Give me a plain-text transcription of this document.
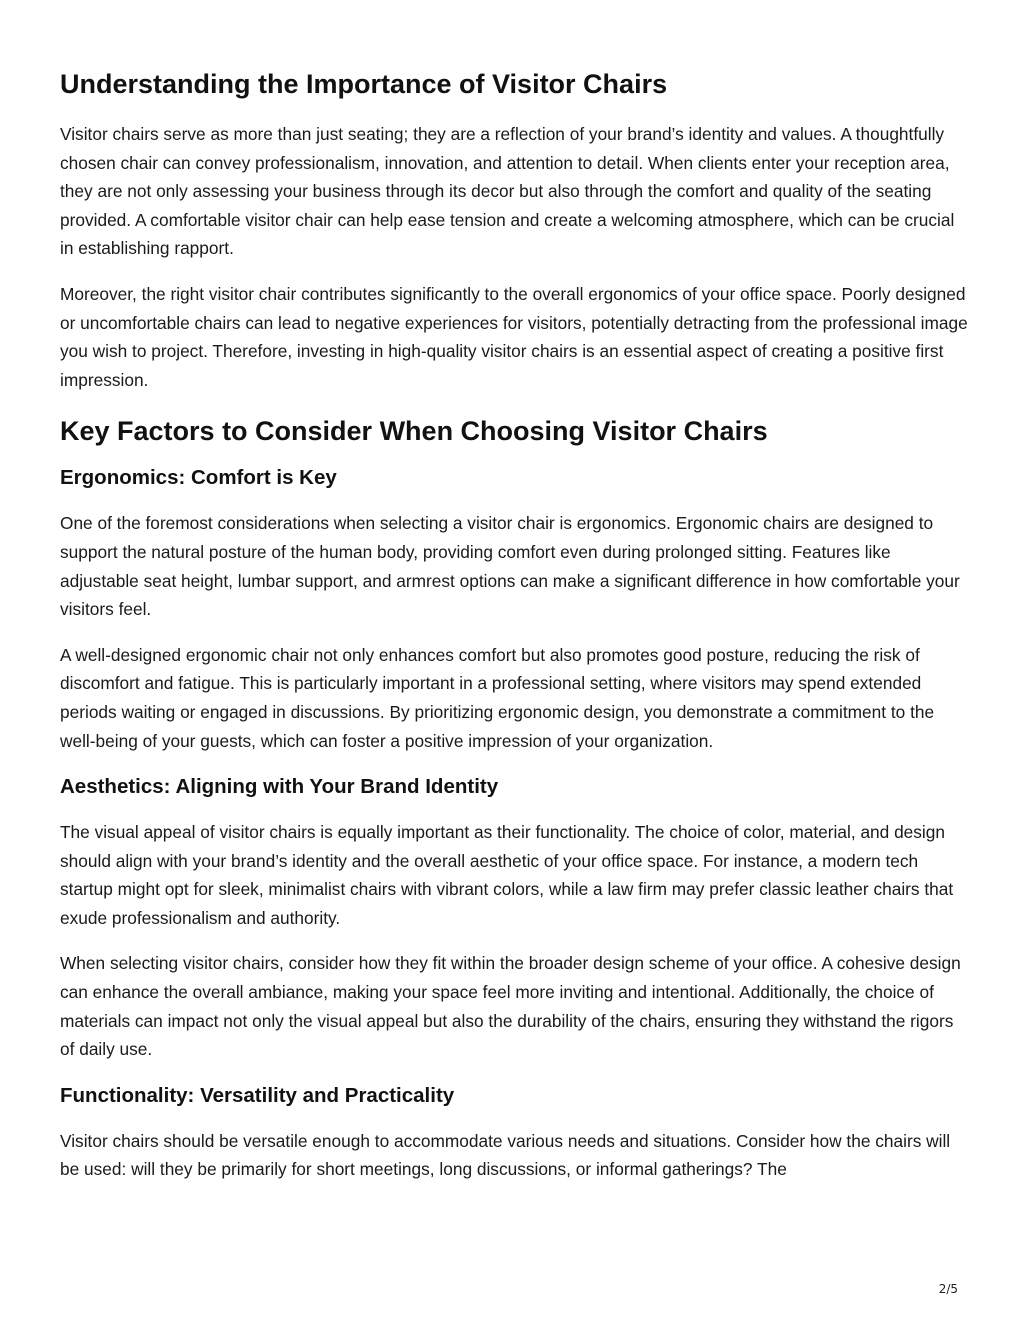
Understanding the Importance of Visitor Chairs

Visitor chairs serve as more than just seating; they are a reflection of your brand’s identity and values. A thoughtfully chosen chair can convey professionalism, innovation, and attention to detail. When clients enter your reception area, they are not only assessing your business through its decor but also through the comfort and quality of the seating provided. A comfortable visitor chair can help ease tension and create a welcoming atmosphere, which can be crucial in establishing rapport.

Moreover, the right visitor chair contributes significantly to the overall ergonomics of your office space. Poorly designed or uncomfortable chairs can lead to negative experiences for visitors, potentially detracting from the professional image you wish to project. Therefore, investing in high-quality visitor chairs is an essential aspect of creating a positive first impression.

Key Factors to Consider When Choosing Visitor Chairs
Ergonomics: Comfort is Key

One of the foremost considerations when selecting a visitor chair is ergonomics. Ergonomic chairs are designed to support the natural posture of the human body, providing comfort even during prolonged sitting. Features like adjustable seat height, lumbar support, and armrest options can make a significant difference in how comfortable your visitors feel.

A well-designed ergonomic chair not only enhances comfort but also promotes good posture, reducing the risk of discomfort and fatigue. This is particularly important in a professional setting, where visitors may spend extended periods waiting or engaged in discussions. By prioritizing ergonomic design, you demonstrate a commitment to the well-being of your guests, which can foster a positive impression of your organization.

Aesthetics: Aligning with Your Brand Identity

The visual appeal of visitor chairs is equally important as their functionality. The choice of color, material, and design should align with your brand’s identity and the overall aesthetic of your office space. For instance, a modern tech startup might opt for sleek, minimalist chairs with vibrant colors, while a law firm may prefer classic leather chairs that exude professionalism and authority.

When selecting visitor chairs, consider how they fit within the broader design scheme of your office. A cohesive design can enhance the overall ambiance, making your space feel more inviting and intentional. Additionally, the choice of materials can impact not only the visual appeal but also the durability of the chairs, ensuring they withstand the rigors of daily use.

Functionality: Versatility and Practicality

Visitor chairs should be versatile enough to accommodate various needs and situations. Consider how the chairs will be used: will they be primarily for short meetings, long discussions, or informal gatherings? The

2/5
